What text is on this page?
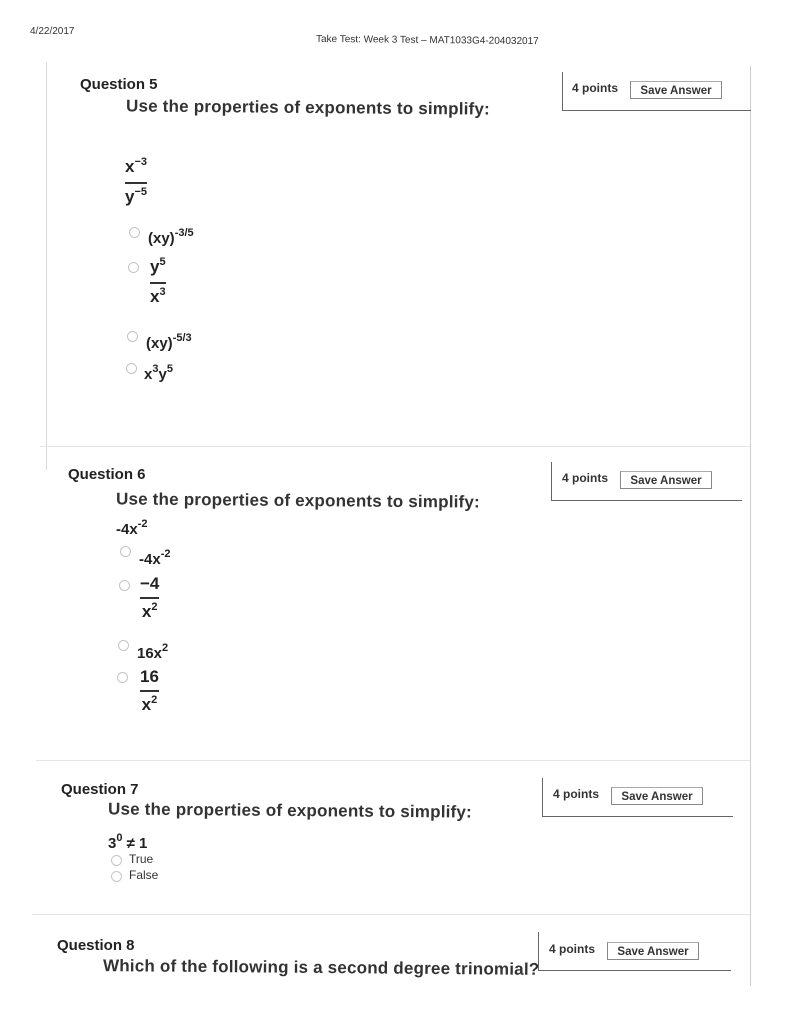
4/22/2017
Take Test: Week 3 Test – MAT1033G4-204032017
Question 5
Use the properties of exponents to simplify:
4 points	Save Answer
$x^{-3}$
$y^{-5}$
(xy)$^{-3/5}$
$y^5$
$x^3$
(xy)$^{-5/3}$
$x^3y^5$
Question 6
Use the properties of exponents to simplify:
4 points	Save Answer
$-4x^{-2}$
$-4x^{-2}$
−4
$x^2$
$16x^2$
16
$x^2$
Question 7
Use the properties of exponents to simplify:
4 points	Save Answer
$3^0 \ne 1$
True
False
Question 8
Which of the following is a second degree trinomial?
4 points	Save Answer
